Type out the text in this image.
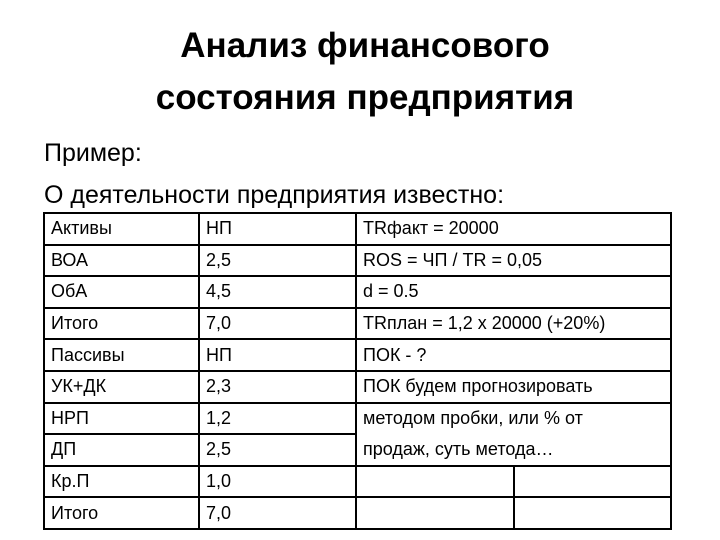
Анализ финансового
состояния предприятия
Пример:
О деятельности предприятия известно:
Активы	НП	TRфакт = 20000	
ВОА	2,5	ROS = ЧП / TR = 0,05	
ОбА	4,5	d = 0.5	
Итого	7,0	TRплан = 1,2 х 20000 (+20%)	
Пассивы	НП	ПОК - ?	
УК+ДК	2,3	ПОК будем прогнозировать	
НРП	1,2	методом пробки, или % от	
ДП	2,5	продаж, суть метода…	
Кр.П	1,0		
Итого	7,0		
